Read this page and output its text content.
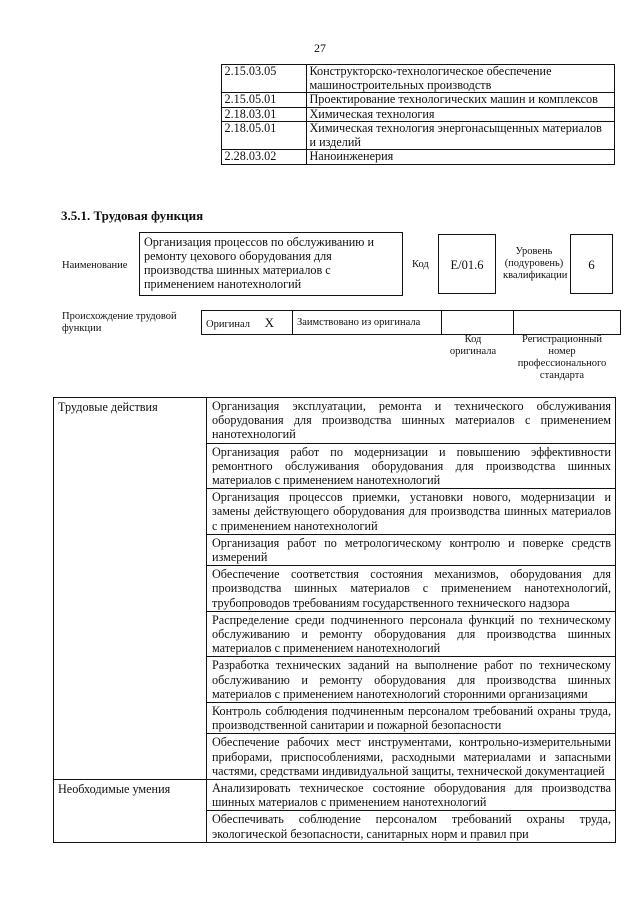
27
	2.15.03.05	Конструкторско-технологическое обеспечение машиностроительных производств
	2.15.05.01	Проектирование технологических машин и комплексов
	2.18.03.01	Химическая технология
	2.18.05.01	Химическая технология энергонасыщенных материалов и изделий
	2.28.03.02	Наноинженерия
3.5.1. Трудовая функция
Наименование
Организация процессов по обслуживанию и ремонту цехового оборудования для производства шинных материалов с применением нанотехнологий
Код	E/01.6
Уровень (подуровень) квалификации
6
Происхождение трудовой функции	Оригинал X	Заимствовано из оригинала		
Код оригинала
Регистрационный номер профессионального стандарта
Трудовые действия	Организация эксплуатации, ремонта и технического обслуживания оборудования для производства шинных материалов с применением нанотехнологий
	Организация работ по модернизации и повышению эффективности ремонтного обслуживания оборудования для производства шинных материалов с применением нанотехнологий
	Организация процессов приемки, установки нового, модернизации и замены действующего оборудования для производства шинных материалов с применением нанотехнологий
	Организация работ по метрологическому контролю и поверке средств измерений
	Обеспечение соответствия состояния механизмов, оборудования для производства шинных материалов с применением нанотехнологий, трубопроводов требованиям государственного технического надзора
	Распределение среди подчиненного персонала функций по техническому обслуживанию и ремонту оборудования для производства шинных материалов с применением нанотехнологий
	Разработка технических заданий на выполнение работ по техническому обслуживанию и ремонту оборудования для производства шинных материалов с применением нанотехнологий сторонними организациями
	Контроль соблюдения подчиненным персоналом требований охраны труда, производственной санитарии и пожарной безопасности
	Обеспечение рабочих мест инструментами, контрольно-измерительными приборами, приспособлениями, расходными материалами и запасными частями, средствами индивидуальной защиты, технической документацией
Необходимые умения	Анализировать техническое состояние оборудования для производства шинных материалов с применением нанотехнологий
	Обеспечивать соблюдение персоналом требований охраны труда, экологической безопасности, санитарных норм и правил при
